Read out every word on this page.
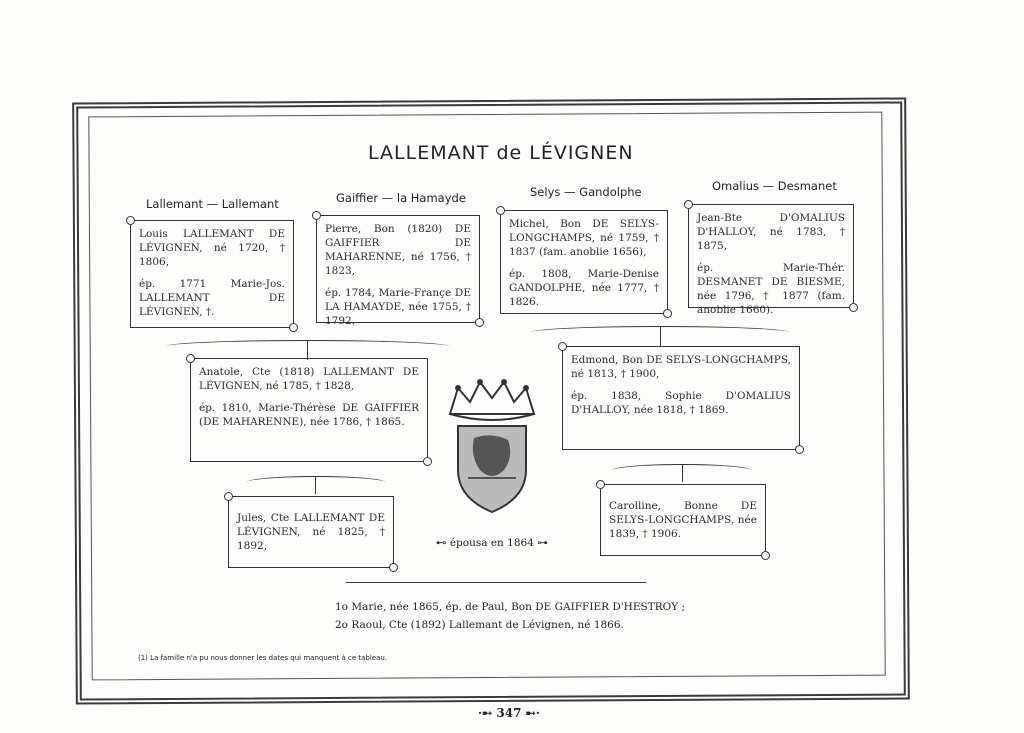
LALLEMANT de LÉVIGNEN
Lallemant — Lallemant	Gaiffier — la Hamayde	Selys — Gandolphe	Omalius — Desmanet

Louis LALLEMANT DE LÉVIGNEN, né 1720, † 1806,

ép. 1771 Marie-Jos. LALLEMANT DE LÉVIGNEN, †.

Pierre, Bon (1820) DE GAIFFIER DE MAHARENNE, né 1756, † 1823,

ép. 1784, Marie-Françe DE LA HAMAYDE, née 1755, † 1792.

Michel, Bon DE SELYS-LONGCHAMPS, né 1759, † 1837 (fam. anoblie 1656),

ép. 1808, Marie-Denise GANDOLPHE, née 1777, † 1826.

Jean-Bte D'OMALIUS D'HALLOY, né 1783, † 1875,

ép. Marie-Thér. DESMANET DE BIESME, née 1796, † 1877 (fam. anoblie 1660).

Anatole, Cte (1818) LALLEMANT DE LÉVIGNEN, né 1785, † 1828,

ép. 1810, Marie-Thérèse DE GAIFFIER (DE MAHARENNE), née 1786, † 1865.

Edmond, Bon DE SELYS-LONGCHAMPS, né 1813, † 1900,

ép. 1838, Sophie D'OMALIUS D'HALLOY, née 1818, † 1869.

Jules, Cte LALLEMANT DE LÉVIGNEN, né 1825, † 1892,

Carolline, Bonne DE SELYS-LONGCHAMPS, née 1839, † 1906.

⊷ épousa en 1864 ⊶
1o Marie, née 1865, ép. de Paul, Bon DE GAIFFIER D'HESTROY ;
2o Raoul, Cte (1892) Lallemant de Lévignen, né 1866.
(1) La famille n'a pu nous donner les dates qui manquent à ce tableau.
·➸ 347 ➸·
